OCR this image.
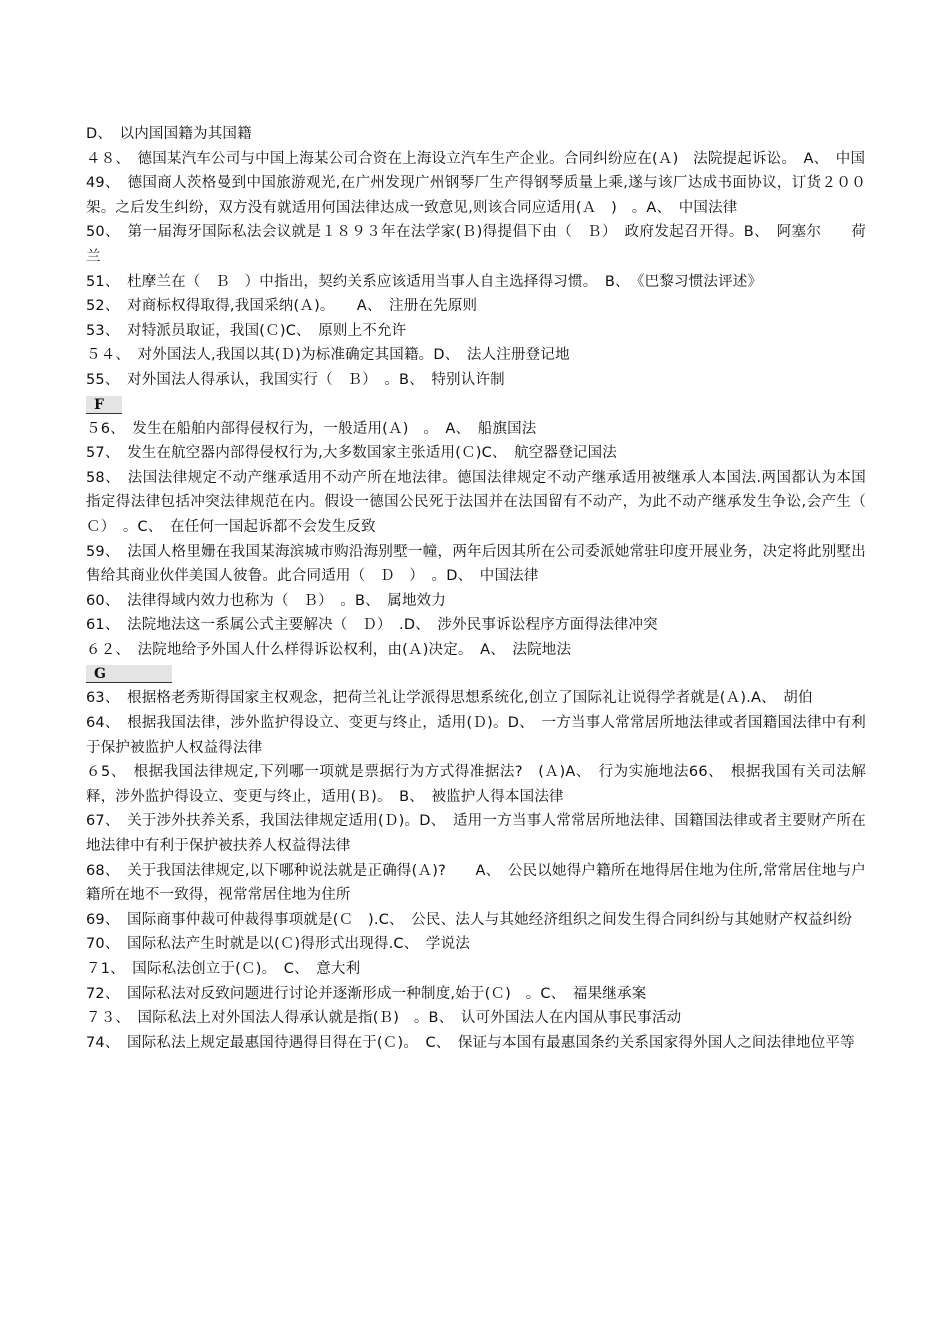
D、　以内国国籍为其国籍

４８、　德国某汽车公司与中国上海某公司合资在上海设立汽车生产企业。合同纠纷应在(Ａ)　法院提起诉讼。　A、　中国

49、　德国商人茨格曼到中国旅游观光,在广州发现广州钢琴厂生产得钢琴质量上乘,遂与该厂达成书面协议，订货２００架。之后发生纠纷，双方没有就适用何国法律达成一致意见,则该合同应适用(Ａ　)　。A、　中国法律

50、　第一届海牙国际私法会议就是１８９３年在法学家(Ｂ)得提倡下由（　Ｂ）　政府发起召开得。B、　阿塞尔　　荷兰

51、　杜摩兰在（　Ｂ　）中指出，契约关系应该适用当事人自主选择得习惯。　B、　《巴黎习惯法评述》

52、　对商标权得取得,我国采纳(Ａ)。　　A、　注册在先原则

53、　对特派员取证，我国(Ｃ)C、　原则上不允许

５４、　对外国法人,我国以其(Ｄ)为标准确定其国籍。D、　法人注册登记地

55、　对外国法人得承认，我国实行（　Ｂ）　。B、　特别认许制

F

５6、　发生在船舶内部得侵权行为，一般适用(Ａ)　。　A、　船旗国法

57、　发生在航空器内部得侵权行为,大多数国家主张适用(Ｃ)C、　航空器登记国法

58、　法国法律规定不动产继承适用不动产所在地法律。德国法律规定不动产继承适用被继承人本国法.两国都认为本国指定得法律包括冲突法律规范在内。假设一德国公民死于法国并在法国留有不动产，为此不动产继承发生争讼,会产生（　Ｃ）　。C、　在任何一国起诉都不会发生反致

59、　法国人格里姗在我国某海滨城市购沿海别墅一幢，两年后因其所在公司委派她常驻印度开展业务，决定将此别墅出售给其商业伙伴美国人彼鲁。此合同适用（　Ｄ　）　。D、　中国法律

60、　法律得域内效力也称为（　Ｂ）　。B、　属地效力

61、　法院地法这一系属公式主要解决（　Ｄ）　.D、　涉外民事诉讼程序方面得法律冲突

６２、　法院地给予外国人什么样得诉讼权利，由(Ａ)决定。　A、　法院地法

G

63、　根据格老秀斯得国家主权观念，把荷兰礼让学派得思想系统化,创立了国际礼让说得学者就是(Ａ).A、　胡伯

64、　根据我国法律，涉外监护得设立、变更与终止，适用(Ｄ)。D、　一方当事人常常居所地法律或者国籍国法律中有利于保护被监护人权益得法律

６5、　根据我国法律规定,下列哪一项就是票据行为方式得准据法?　(Ａ)A、　行为实施地法66、　根据我国有关司法解释，涉外监护得设立、变更与终止，适用(Ｂ)。　B、　被监护人得本国法律

67、　关于涉外扶养关系，我国法律规定适用(Ｄ)。D、　适用一方当事人常常居所地法律、国籍国法律或者主要财产所在地法律中有利于保护被扶养人权益得法律

68、　关于我国法律规定,以下哪种说法就是正确得(Ａ)?　　A、　公民以她得户籍所在地得居住地为住所,常常居住地与户籍所在地不一致得，视常常居住地为住所

69、　国际商事仲裁可仲裁得事项就是(Ｃ　).C、　公民、法人与其她经济组织之间发生得合同纠纷与其她财产权益纠纷

70、　国际私法产生时就是以(Ｃ)得形式出现得.C、　学说法

７1、　国际私法创立于(Ｃ)。　C、　意大利

72、　国际私法对反致问题进行讨论并逐渐形成一种制度,始于(Ｃ)　。C、　福果继承案

７３、　国际私法上对外国法人得承认就是指(Ｂ)　。B、　认可外国法人在内国从事民事活动

74、　国际私法上规定最惠国待遇得目得在于(Ｃ)。　C、　保证与本国有最惠国条约关系国家得外国人之间法律地位平等
